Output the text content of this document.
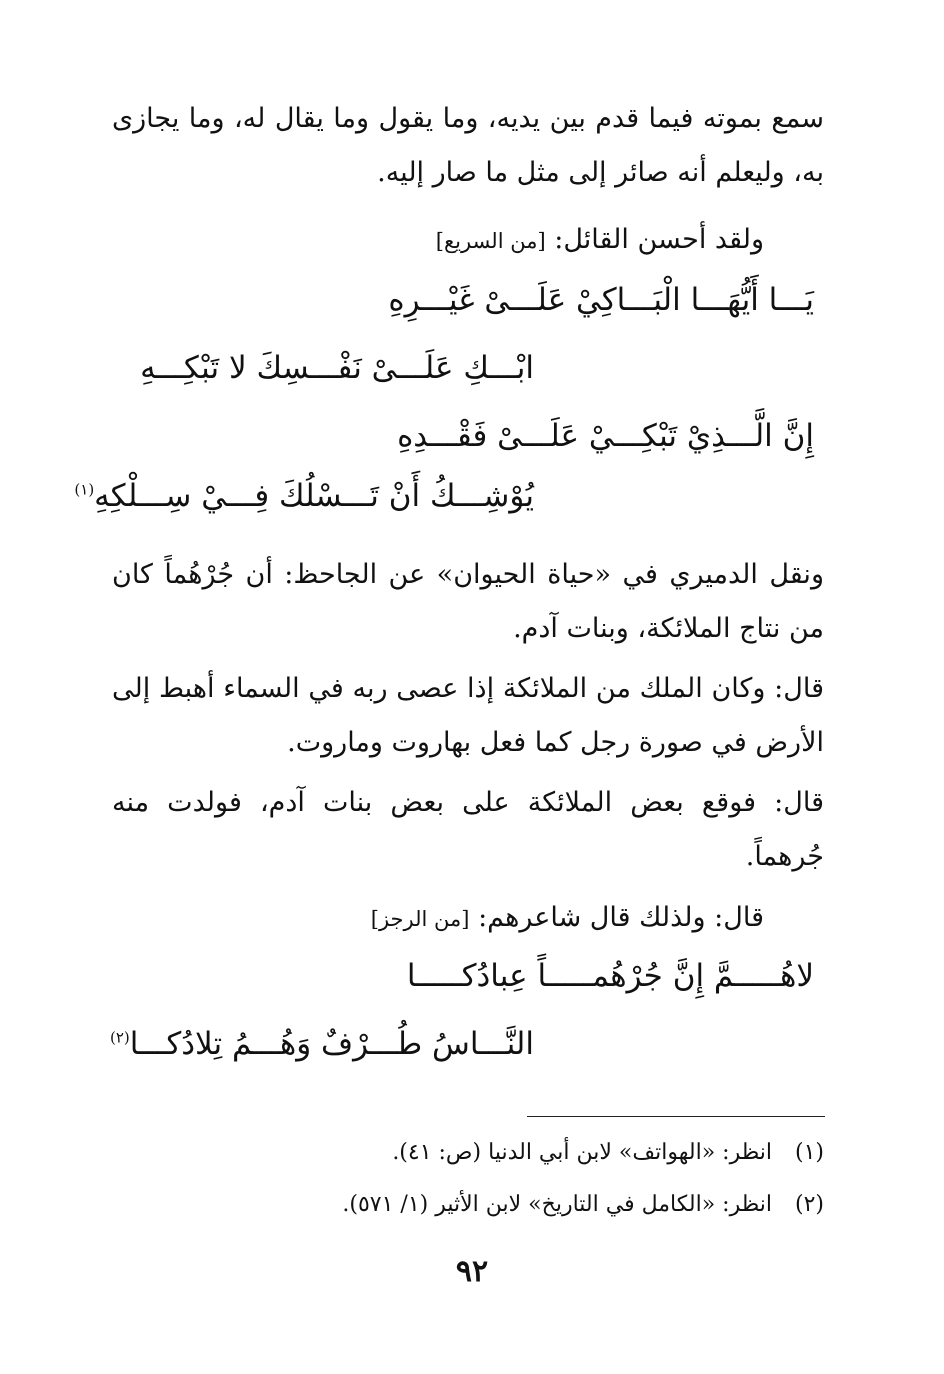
سمع بموته فيما قدم بين يديه، وما يقول وما يقال له، وما يجازى به، وليعلم أنه صائر إلى مثل ما صار إليه.
ولقد أحسن القائل: [من السريع]
يَـــا أَيُّهَـــا الْبَـــاكِيْ عَلَـــىْ غَيْـــرِهِ
ابْـــكِ عَلَـــىْ نَفْـــسِكَ لا تَبْكِـــهِ
إِنَّ الَّـــذِيْ تَبْكِـــيْ عَلَـــىْ فَقْـــدِهِ
يُوْشِـــكُ أَنْ تَـــسْلُكَ فِـــيْ سِـــلْكِهِ$^{(١)}$
ونقل الدميري في «حياة الحيوان» عن الجاحظ: أن جُرْهُماً كان من نتاج الملائكة، وبنات آدم.
قال: وكان الملك من الملائكة إذا عصى ربه في السماء أهبط إلى الأرض في صورة رجل كما فعل بهاروت وماروت.
قال: فوقع بعض الملائكة على بعض بنات آدم، فولدت منه جُرهماً.
قال: ولذلك قال شاعرهم: [من الرجز]
لاهُـــــمَّ إِنَّ جُرْهُمـــــاً عِبادُكـــــا
النَّـــاسُ طُـــرْفٌ وَهُـــمُ تِلادُكـــا$^{(٢)}$
(١) انظر: «الهواتف» لابن أبي الدنيا (ص: ٤١).
(٢) انظر: «الكامل في التاريخ» لابن الأثير (١/ ٥٧١).
٩٢
